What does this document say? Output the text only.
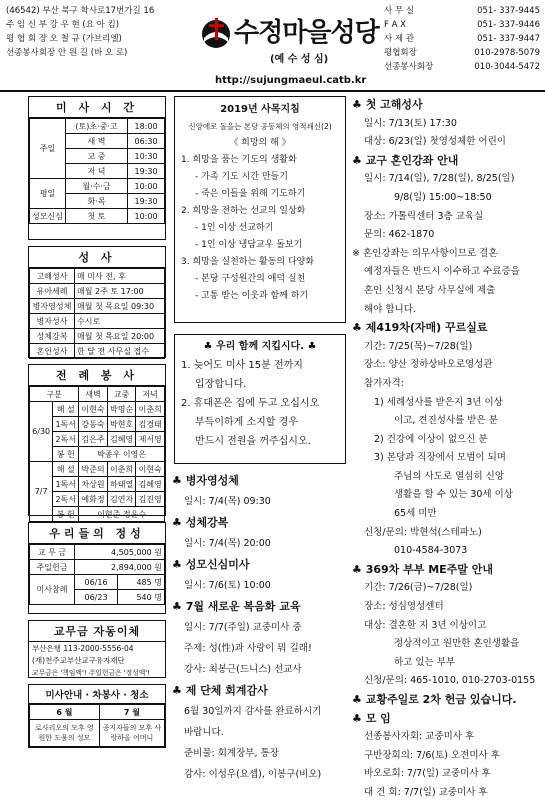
(46542) 부산 북구 학사로17번가길 16
주 임 신 부 강 우 현 (요 아 킴)
평 협 회 장 오 철 규 (가브리엘)
선종봉사회장 안 원 길 (바 오 로)
수정마을성당
(예 수 성 심)
http://sujungmaeul.catb.kr
사 무 실	051- 337-9445
F A X	051- 337-9446
사 제 관	051- 337-9447
평협회장	010-2978-5079
선종봉사회장	010-3044-5472
미 사 시 간
주일	(토)초·중·고	18:00
	새 벽	06:30
	교 중	10:30
	저 녁	19:30
평일	월·수·금	10:00
	화·목	19:30
성모신심	첫 토	10:00
성 사
고해성사	매 미사 전, 후
유아세례	매월 2주 토 17:00
병자영성체	매월 첫 목요일 09:30
병자성사	수시로
성체강복	매월 첫 목요일 20:00
혼인성사	한 달 전 사무실 접수
전 례 봉 사
구분		새벽	교중	저녁
6/30	해 설	이현숙	박명순	이춘희
	1독서	강동숙	박현호	김경태
	2독서	김은주	김혜영	제서영
	봉 헌	박종우 이영은		
7/7	해 설	박준의	이춘희	이현숙
	1독서	차상원	하태열	김혜영
	2독서	예화정	김연자	김진영
	봉 헌	이현준 정윤수		
우리들의 정성
교 무 금	4,505,000 원	
주일헌금	2,894,000 원	
미사참례	06/16	485 명
	06/23	540 명
교무금 자동이체
부산은행 113-2000-5556-04
(재)천주교부산교구유지재단
교무금은 '책임액'! 주일헌금은 '정성액'!
미사안내 · 차봉사 · 청소
6 월	7 월
로사리오의 모후 영원한 도움의 성모	종지자들의 모후 사랑하올 어머니
2019년 사목지침
신앙에로 돌을는 본당 공동체의 영적쇄신(2)
《 희망의 해 》
1. 희망을 품는 기도의 생활화
- 가족 기도 시간 만들기
- 죽은 이들을 위해 기도하기
2. 희망을 전하는 선교의 일상화
- 1인 이상 선교하기
- 1인 이상 냉담교우 돌보기
3. 희망을 실천하는 활동의 다양화
- 본당 구성원간의 애덕 실천
- 고통 받는 이웃과 함께 하기
♣ 우리 함께 지킵시다. ♣
1. 늦어도 미사 15분 전까지
입장합니다.
2. 휴대폰은 집에 두고 오십시오
부득이하게 소지할 경우
반드시 전원을 꺼주십시오.
♣ 병자영성체
일시: 7/4(목) 09:30
♣ 성체강복
일시: 7/4(목) 20:00
♣ 성모신심미사
일시: 7/6(토) 10:00
♣ 7월 새로운 복음화 교육
일시: 7/7(주일) 교중미사 중
주제: 성(性)과 사랑이 뭐 길래!
강사: 최봉근(드니스) 선교사
♣ 제 단체 회계감사
6월 30일까지 감사를 완료하시기
바랍니다.
준비물: 회계장부, 통장
감사: 이성우(요셉), 이봉구(비오)
♣ 첫 고해성사
일시: 7/13(토) 17:30
대상: 6/23(일) 첫영성체한 어린이
♣ 교구 혼인강좌 안내
일시: 7/14(일), 7/28(일), 8/25(일)
9/8(일) 15:00~18:50
장소: 가톨릭센터 3층 교육실
문의: 462-1870
※ 혼인강좌는 의무사항이므로 결혼
예정자들은 반드시 이수하고 수료증을
혼인 신청시 본당 사무실에 제출
해야 합니다.
♣ 제419차(자매) 꾸르실료
기간: 7/25(목)~7/28(일)
장소: 양산 정하상바오로영성관
참가자격:
1) 세례성사를 받은지 3년 이상
이고, 견진성사를 받은 분
2) 건강에 이상이 없으신 분
3) 본당과 직장에서 모범이 되며
주님의 사도로 열심히 신앙
생활을 할 수 있는 30세 이상
65세 미만
신청/문의: 박현석(스테파노)
010-4584-3073
♣ 369차 부부 ME주말 안내
기간: 7/26(금)~7/28(일)
장소: 성심영성센터
대상: 결혼한 지 3년 이상이고
정상적이고 원만한 혼인생활을
하고 있는 부부
신청/문의: 465-1010, 010-2703-0155
♣ 교황주일로 2차 헌금 있습니다.
♣ 모 임
선종봉사자회: 교중미사 후
구반장회의: 7/6(토) 오전미사 후
바오로회: 7/7(일) 교중미사 후
대 건 회: 7/7(일) 교중미사 후
